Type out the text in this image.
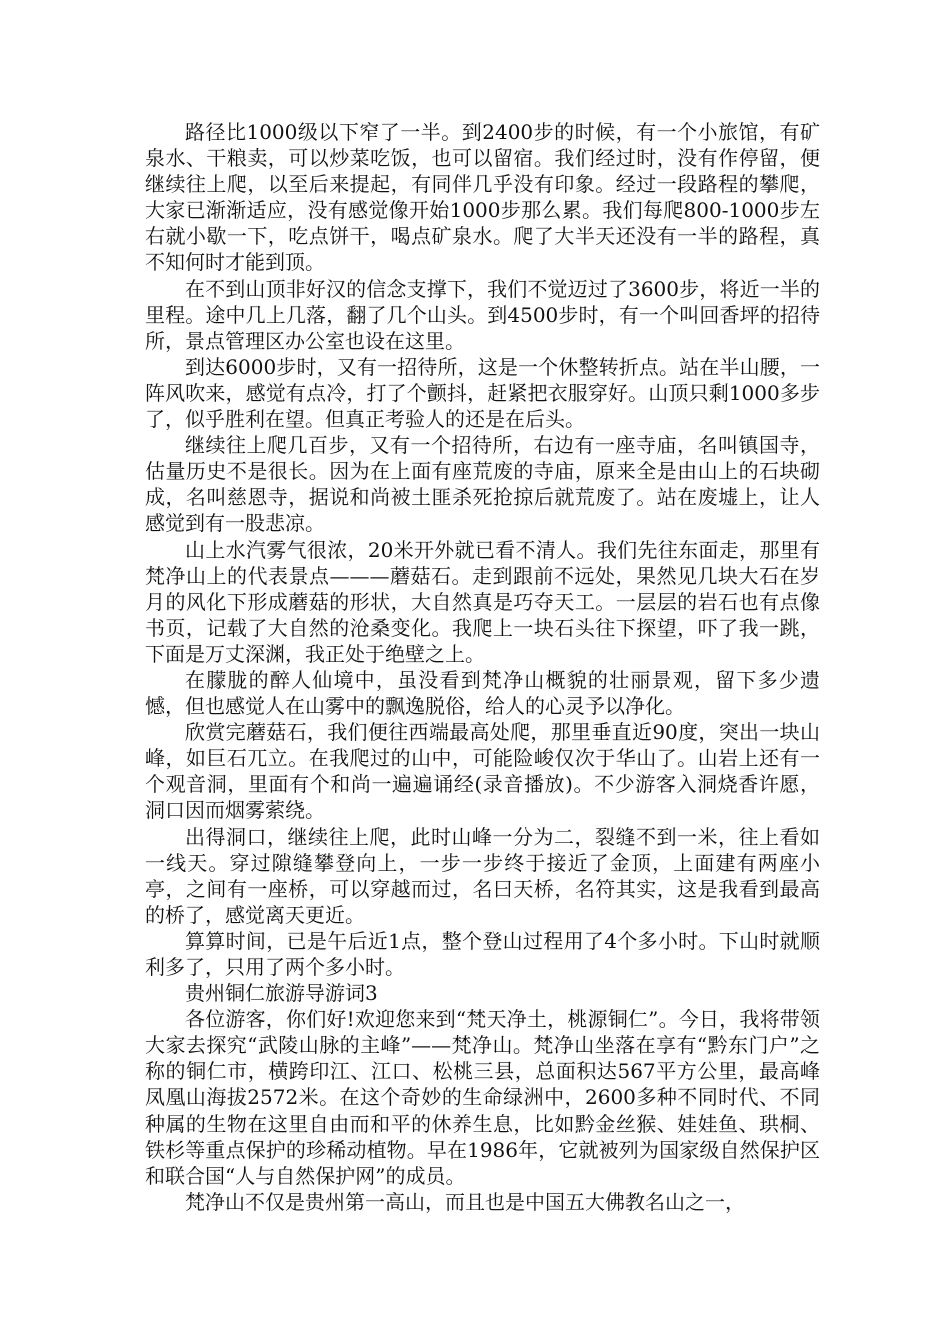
路径比1000级以下窄了一半。到2400步的时候，有一个小旅馆，有矿泉水、干粮卖，可以炒菜吃饭，也可以留宿。我们经过时，没有作停留，便继续往上爬，以至后来提起，有同伴几乎没有印象。经过一段路程的攀爬，大家已渐渐适应，没有感觉像开始1000步那么累。我们每爬800-1000步左右就小歇一下，吃点饼干，喝点矿泉水。爬了大半天还没有一半的路程，真不知何时才能到顶。

在不到山顶非好汉的信念支撑下，我们不觉迈过了3600步，将近一半的里程。途中几上几落，翻了几个山头。到4500步时，有一个叫回香坪的招待所，景点管理区办公室也设在这里。

到达6000步时，又有一招待所，这是一个休整转折点。站在半山腰，一阵风吹来，感觉有点冷，打了个颤抖，赶紧把衣服穿好。山顶只剩1000多步了，似乎胜利在望。但真正考验人的还是在后头。

继续往上爬几百步，又有一个招待所，右边有一座寺庙，名叫镇国寺，估量历史不是很长。因为在上面有座荒废的寺庙，原来全是由山上的石块砌成，名叫慈恩寺，据说和尚被土匪杀死抢掠后就荒废了。站在废墟上，让人感觉到有一股悲凉。

山上水汽雾气很浓，20米开外就已看不清人。我们先往东面走，那里有梵净山上的代表景点———蘑菇石。走到跟前不远处，果然见几块大石在岁月的风化下形成蘑菇的形状，大自然真是巧夺天工。一层层的岩石也有点像书页，记载了大自然的沧桑变化。我爬上一块石头往下探望，吓了我一跳，下面是万丈深渊，我正处于绝壁之上。

在朦胧的醉人仙境中，虽没看到梵净山概貌的壮丽景观，留下多少遗憾，但也感觉人在山雾中的飘逸脱俗，给人的心灵予以净化。

欣赏完蘑菇石，我们便往西端最高处爬，那里垂直近90度，突出一块山峰，如巨石兀立。在我爬过的山中，可能险峻仅次于华山了。山岩上还有一个观音洞，里面有个和尚一遍遍诵经(录音播放)。不少游客入洞烧香许愿，洞口因而烟雾萦绕。

出得洞口，继续往上爬，此时山峰一分为二，裂缝不到一米，往上看如一线天。穿过隙缝攀登向上，一步一步终于接近了金顶，上面建有两座小亭，之间有一座桥，可以穿越而过，名曰天桥，名符其实，这是我看到最高的桥了，感觉离天更近。

算算时间，已是午后近1点，整个登山过程用了4个多小时。下山时就顺利多了，只用了两个多小时。

贵州铜仁旅游导游词3

各位游客，你们好!欢迎您来到“梵天净土，桃源铜仁”。今日，我将带领大家去探究“武陵山脉的主峰”——梵净山。梵净山坐落在享有“黔东门户”之称的铜仁市，横跨印江、江口、松桃三县，总面积达567平方公里，最高峰凤凰山海拔2572米。在这个奇妙的生命绿洲中，2600多种不同时代、不同种属的生物在这里自由而和平的休养生息，比如黔金丝猴、娃娃鱼、珙桐、铁杉等重点保护的珍稀动植物。早在1986年，它就被列为国家级自然保护区和联合国“人与自然保护网”的成员。

梵净山不仅是贵州第一高山，而且也是中国五大佛教名山之一，
